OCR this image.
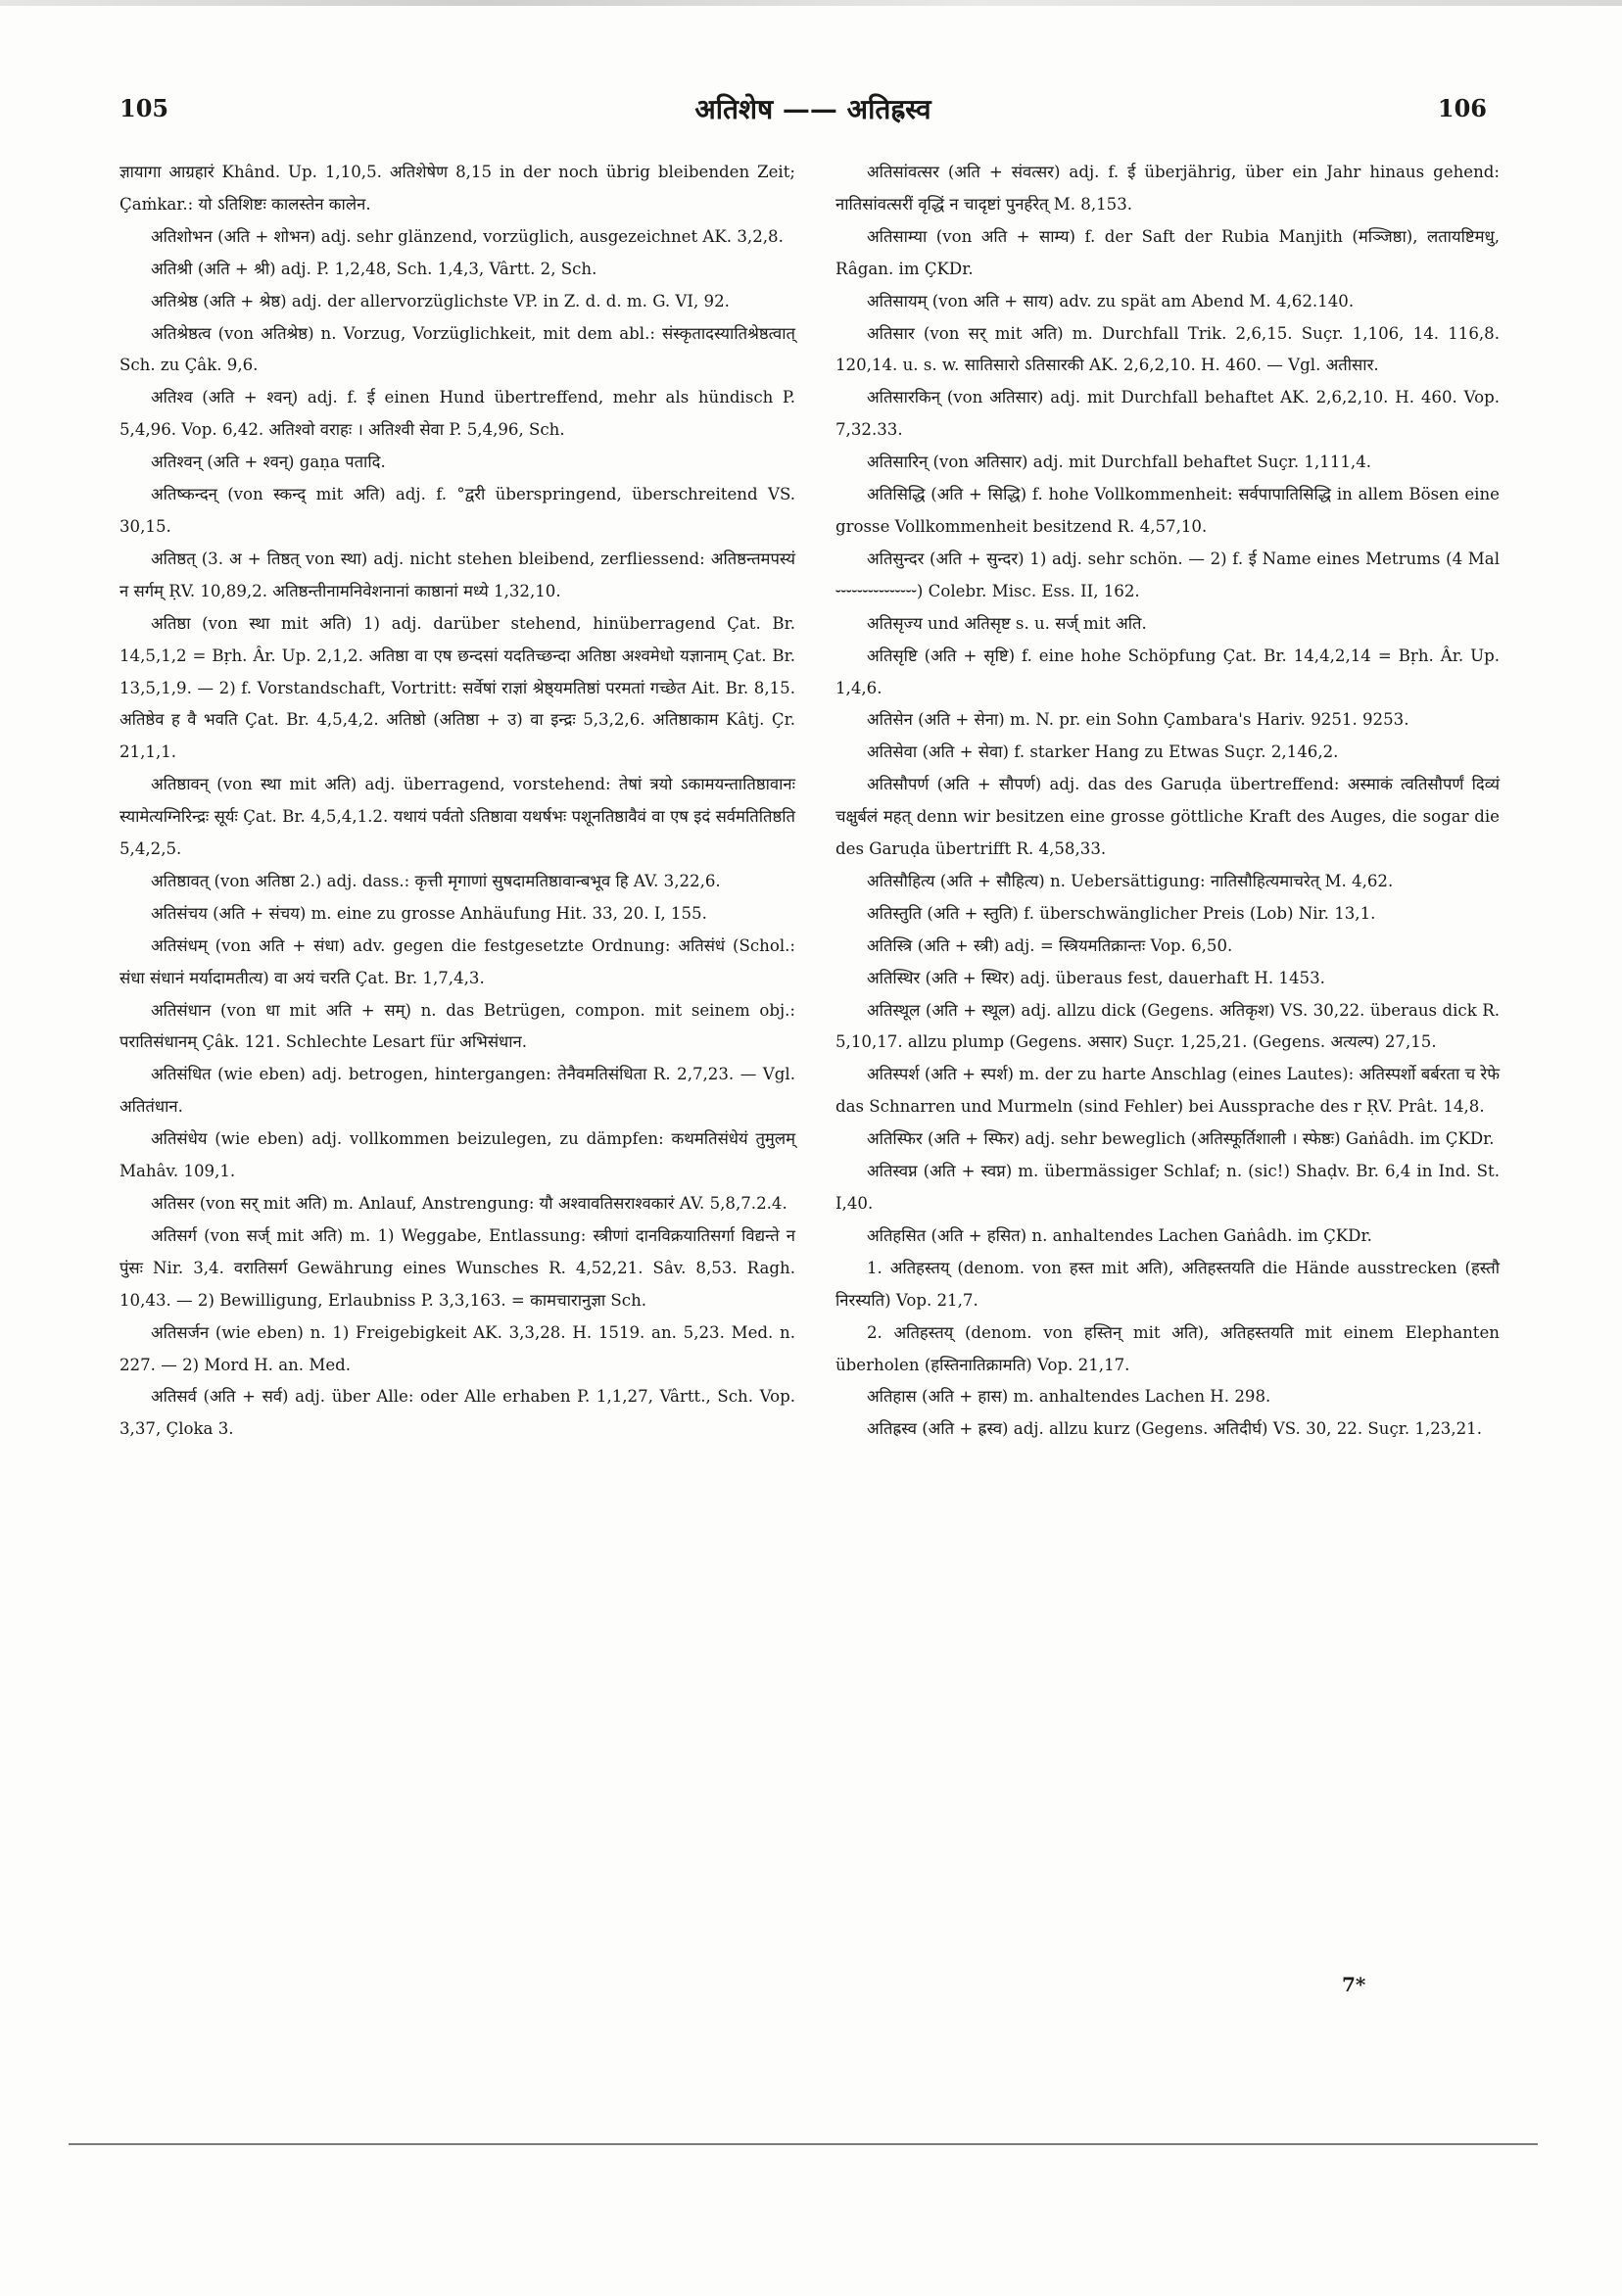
105	अतिशेष —— अतिह्रस्व	106

ज्ञायागा आग्रहारं Khând. Up. 1,10,5. अतिशेषेण 8,15 in der noch übrig bleibenden Zeit; Çaṁkar.: यो ऽतिशिष्टः कालस्तेन कालेन.

अतिशोभन (अति + शोभन) adj. sehr glänzend, vorzüglich, ausgezeichnet AK. 3,2,8.

अतिश्री (अति + श्री) adj. P. 1,2,48, Sch. 1,4,3, Vârtt. 2, Sch.

अतिश्रेष्ठ (अति + श्रेष्ठ) adj. der allervorzüglichste VP. in Z. d. d. m. G. VI, 92.

अतिश्रेष्ठत्व (von अतिश्रेष्ठ) n. Vorzug, Vorzüglichkeit, mit dem abl.: संस्कृतादस्यातिश्रेष्ठत्वात् Sch. zu Çâk. 9,6.

अतिश्व (अति + श्वन्) adj. f. ई einen Hund übertreffend, mehr als hündisch P. 5,4,96. Vop. 6,42. अतिश्वो वराहः । अतिश्वी सेवा P. 5,4,96, Sch.

अतिश्वन् (अति + श्वन्) gaṇa पतादि.

अतिष्कन्दन् (von स्कन्द् mit अति) adj. f. °द्वरी überspringend, überschreitend VS. 30,15.

अतिष्ठत् (3. अ + तिष्ठत् von स्था) adj. nicht stehen bleibend, zerfliessend: अतिष्ठन्तमपस्यं न सर्गम् ṚV. 10,89,2. अतिष्ठन्तीनामनिवेशनानां काष्ठानां मध्ये 1,32,10.

अतिष्ठा (von स्था mit अति) 1) adj. darüber stehend, hinüberragend Çat. Br. 14,5,1,2 = Bṛh. Âr. Up. 2,1,2. अतिष्ठा वा एष छन्दसां यदतिच्छन्दा अतिष्ठा अश्वमेधो यज्ञानाम् Çat. Br. 13,5,1,9. — 2) f. Vorstandschaft, Vortritt: सर्वेषां राज्ञां श्रेष्ठ्यमतिष्ठां परमतां गच्छेत Ait. Br. 8,15. अतिष्ठेव ह वै भवति Çat. Br. 4,5,4,2. अतिष्ठो (अतिष्ठा + उ) वा इन्द्रः 5,3,2,6. अतिष्ठाकाम Kâtj. Çr. 21,1,1.

अतिष्ठावन् (von स्था mit अति) adj. überragend, vorstehend: तेषां त्रयो ऽकामयन्तातिष्ठावानः स्यामेत्यग्निरिन्द्रः सूर्यः Çat. Br. 4,5,4,1.2. यथायं पर्वतो ऽतिष्ठावा यथर्षभः पशूनतिष्ठावैवं वा एष इदं सर्वमतितिष्ठति 5,4,2,5.

अतिष्ठावत् (von अतिष्ठा 2.) adj. dass.: कृत्ती मृगाणां सुषदामतिष्ठावान्बभूव हि AV. 3,22,6.

अतिसंचय (अति + संचय) m. eine zu grosse Anhäufung Hit. 33, 20. I, 155.

अतिसंधम् (von अति + संधा) adv. gegen die festgesetzte Ordnung: अतिसंधं (Schol.: संधा संधानं मर्यादामतीत्य) वा अयं चरति Çat. Br. 1,7,4,3.

अतिसंधान (von धा mit अति + सम्) n. das Betrügen, compon. mit seinem obj.: परातिसंधानम् Çâk. 121. Schlechte Lesart für अभिसंधान.

अतिसंधित (wie eben) adj. betrogen, hintergangen: तेनैवमतिसंधिता R. 2,7,23. — Vgl. अतितंधान.

अतिसंधेय (wie eben) adj. vollkommen beizulegen, zu dämpfen: कथमतिसंधेयं तुमुलम् Mahâv. 109,1.

अतिसर (von सर् mit अति) m. Anlauf, Anstrengung: यौ अश्वावतिसराश्वकारं AV. 5,8,7.2.4.

अतिसर्ग (von सर्ज् mit अति) m. 1) Weggabe, Entlassung: स्त्रीणां दानविक्रयातिसर्गा विद्यन्ते न पुंसः Nir. 3,4. वरातिसर्ग Gewährung eines Wunsches R. 4,52,21. Sâv. 8,53. Ragh. 10,43. — 2) Bewilligung, Erlaubniss P. 3,3,163. = कामचारानुज्ञा Sch.

अतिसर्जन (wie eben) n. 1) Freigebigkeit AK. 3,3,28. H. 1519. an. 5,23. Med. n. 227. — 2) Mord H. an. Med.

अतिसर्व (अति + सर्व) adj. über Alle: oder Alle erhaben P. 1,1,27, Vârtt., Sch. Vop. 3,37, Çloka 3.

अतिसांवत्सर (अति + संवत्सर) adj. f. ई überjährig, über ein Jahr hinaus gehend: नातिसांवत्सरीं वृद्धिं न चादृष्टां पुनर्हरेत् M. 8,153.

अतिसाम्या (von अति + साम्य) f. der Saft der Rubia Manjith (मञ्जिष्ठा), लतायष्टिमधु, Râgan. im ÇKDr.

अतिसायम् (von अति + साय) adv. zu spät am Abend M. 4,62.140.

अतिसार (von सर् mit अति) m. Durchfall Trik. 2,6,15. Suçr. 1,106, 14. 116,8. 120,14. u. s. w. सातिसारो ऽतिसारकी AK. 2,6,2,10. H. 460. — Vgl. अतीसार.

अतिसारकिन् (von अतिसार) adj. mit Durchfall behaftet AK. 2,6,2,10. H. 460. Vop. 7,32.33.

अतिसारिन् (von अतिसार) adj. mit Durchfall behaftet Suçr. 1,111,4.

अतिसिद्धि (अति + सिद्धि) f. hohe Vollkommenheit: सर्वपापातिसिद्धि in allem Bösen eine grosse Vollkommenheit besitzend R. 4,57,10.

अतिसुन्दर (अति + सुन्दर) 1) adj. sehr schön. — 2) f. ई Name eines Metrums (4 Mal ⏑⏑⏑⏑⏑⏑⏑⏑⏑⏑⏑⏑⏑⏑⏑) Colebr. Misc. Ess. II, 162.

अतिसृज्य und अतिसृष्ट s. u. सर्ज् mit अति.

अतिसृष्टि (अति + सृष्टि) f. eine hohe Schöpfung Çat. Br. 14,4,2,14 = Bṛh. Âr. Up. 1,4,6.

अतिसेन (अति + सेना) m. N. pr. ein Sohn Çambara's Hariv. 9251. 9253.

अतिसेवा (अति + सेवा) f. starker Hang zu Etwas Suçr. 2,146,2.

अतिसौपर्ण (अति + सौपर्ण) adj. das des Garuḍa übertreffend: अस्माकं त्वतिसौपर्णं दिव्यं चक्षुर्बलं महत् denn wir besitzen eine grosse göttliche Kraft des Auges, die sogar die des Garuḍa übertrifft R. 4,58,33.

अतिसौहित्य (अति + सौहित्य) n. Uebersättigung: नातिसौहित्यमाचरेत् M. 4,62.

अतिस्तुति (अति + स्तुति) f. überschwänglicher Preis (Lob) Nir. 13,1.

अतिस्त्रि (अति + स्त्री) adj. = स्त्रियमतिक्रान्तः Vop. 6,50.

अतिस्थिर (अति + स्थिर) adj. überaus fest, dauerhaft H. 1453.

अतिस्थूल (अति + स्थूल) adj. allzu dick (Gegens. अतिकृश) VS. 30,22. überaus dick R. 5,10,17. allzu plump (Gegens. असार) Suçr. 1,25,21. (Gegens. अत्यल्प) 27,15.

अतिस्पर्श (अति + स्पर्श) m. der zu harte Anschlag (eines Lautes): अतिस्पर्शो बर्बरता च रेफे das Schnarren und Murmeln (sind Fehler) bei Aussprache des r ṚV. Prât. 14,8.

अतिस्फिर (अति + स्फिर) adj. sehr beweglich (अतिस्फूर्तिशाली । स्फेष्ठः) Gaṅâdh. im ÇKDr.

अतिस्वप्न (अति + स्वप्न) m. übermässiger Schlaf; n. (sic!) Shaḍv. Br. 6,4 in Ind. St. I,40.

अतिहसित (अति + हसित) n. anhaltendes Lachen Gaṅâdh. im ÇKDr.

1. अतिहस्तय् (denom. von हस्त mit अति), अतिहस्तयति die Hände ausstrecken (हस्तौ निरस्यति) Vop. 21,7.

2. अतिहस्तय् (denom. von हस्तिन् mit अति), अतिहस्तयति mit einem Elephanten überholen (हस्तिनातिक्रामति) Vop. 21,17.

अतिहास (अति + हास) m. anhaltendes Lachen H. 298.

अतिह्रस्व (अति + ह्रस्व) adj. allzu kurz (Gegens. अतिदीर्घ) VS. 30, 22. Suçr. 1,23,21.

7*
